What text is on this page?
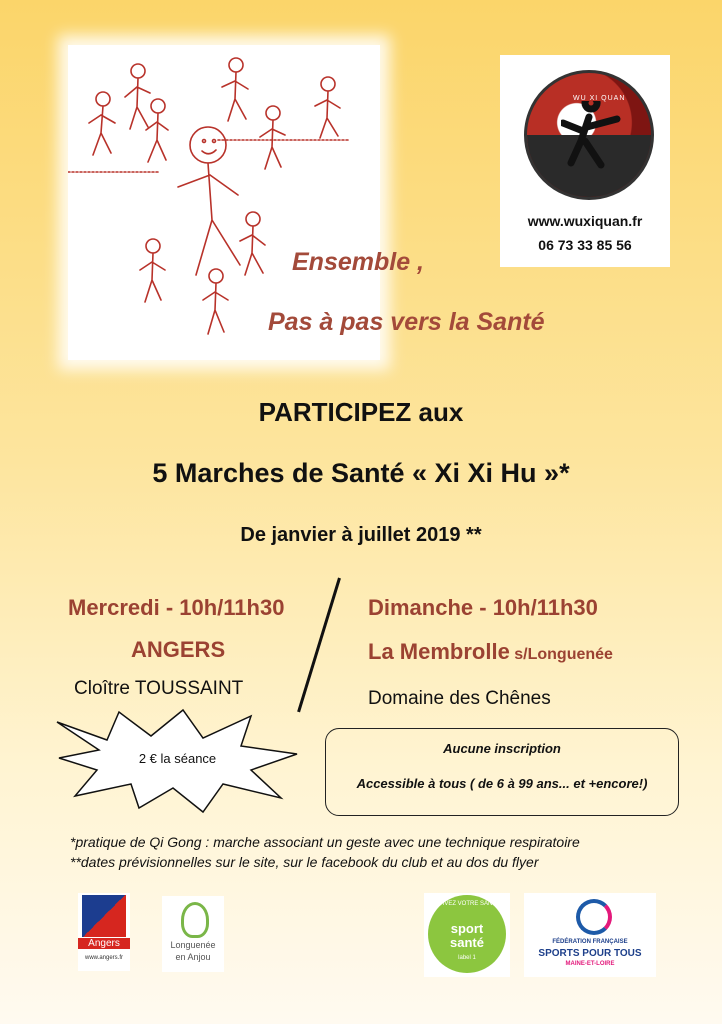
WU XI QUAN
www.wuxiquan.fr
06 73 33 85 56
Ensemble ,
Pas à pas vers la Santé
PARTICIPEZ aux
5 Marches de Santé « Xi Xi Hu »*
De janvier à juillet 2019 **
Mercredi - 10h/11h30
ANGERS
Cloître TOUSSAINT
Dimanche - 10h/11h30
La Membrolle s/Longuenée
Domaine des Chênes
2 € la séance
Aucune inscription
Accessible à tous ( de 6 à 99 ans... et +encore!)
*pratique de Qi Gong : marche associant un geste avec une technique respiratoire
**dates prévisionnelles sur le site, sur le facebook du club et au dos du flyer
Angers
www.angers.fr
Longuenée
en Anjou
ACTIVEZ VOTRE SANTÉ !
sport
santé
label 1
FÉDÉRATION FRANÇAISE
SPORTS POUR TOUS
MAINE-ET-LOIRE
